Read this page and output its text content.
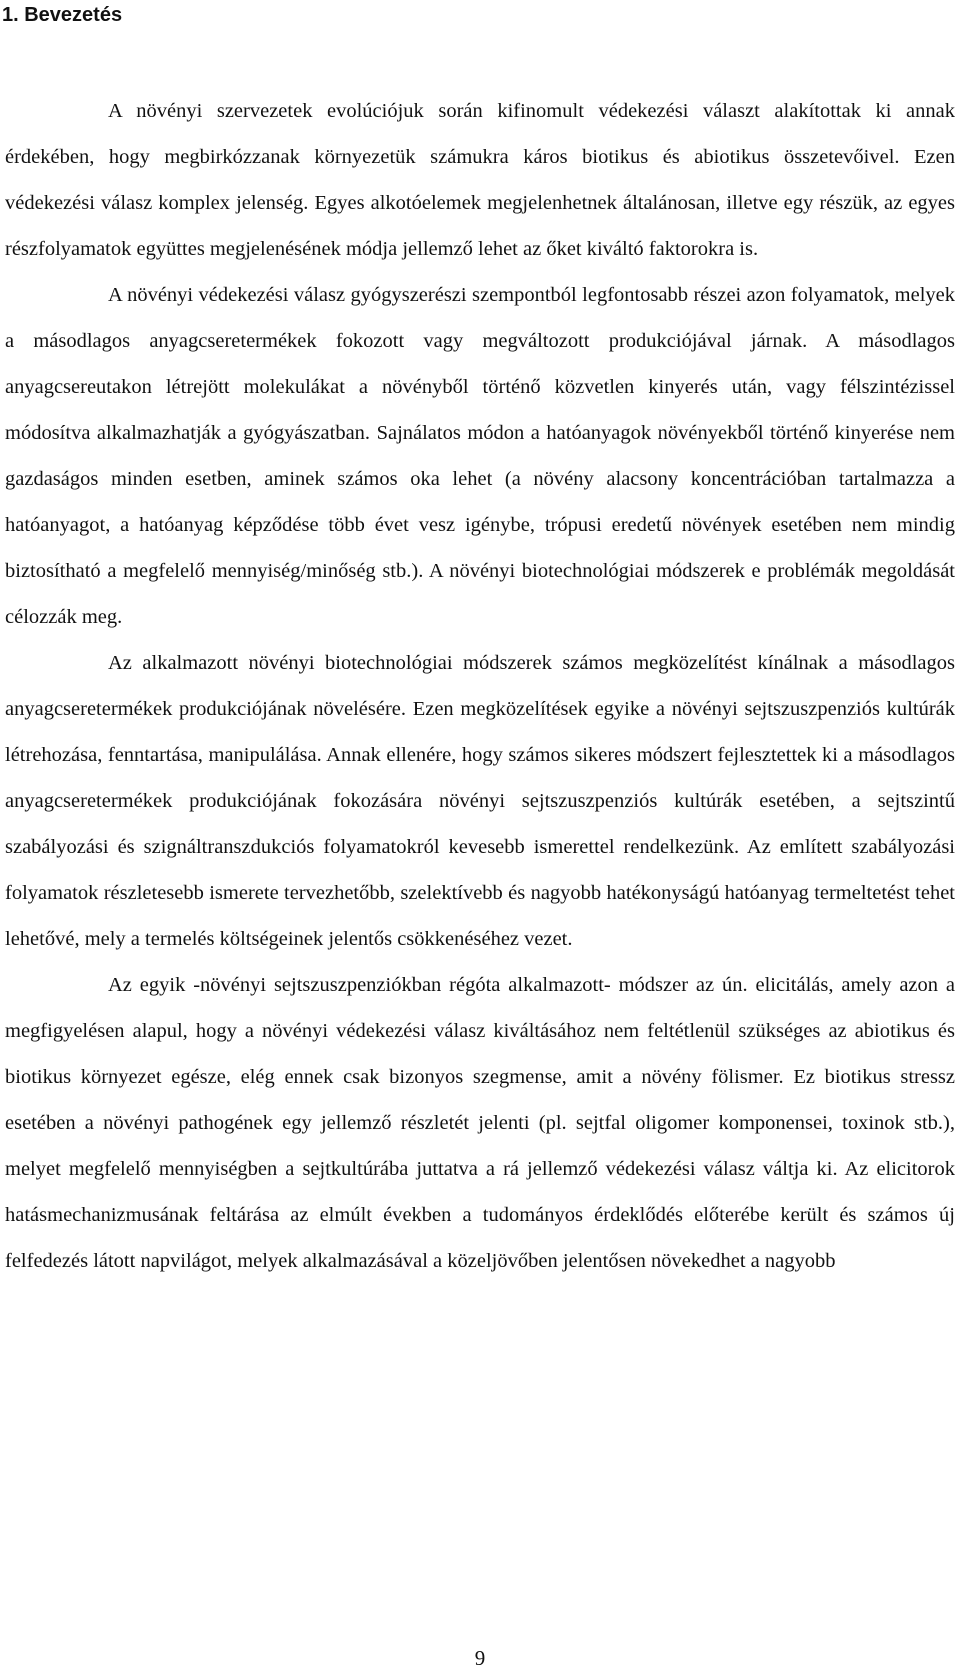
1. Bevezetés

A növényi szervezetek evolúciójuk során kifinomult védekezési választ alakítottak ki annak érdekében, hogy megbirkózzanak környezetük számukra káros biotikus és abiotikus összetevőivel. Ezen védekezési válasz komplex jelenség. Egyes alkotóelemek megjelenhetnek általánosan, illetve egy részük, az egyes részfolyamatok együttes megjelenésének módja jellemző lehet az őket kiváltó faktorokra is.

A növényi védekezési válasz gyógyszerészi szempontból legfontosabb részei azon folyamatok, melyek a másodlagos anyagcseretermékek fokozott vagy megváltozott produkciójával járnak. A másodlagos anyagcsereutakon létrejött molekulákat a növényből történő közvetlen kinyerés után, vagy félszintézissel módosítva alkalmazhatják a gyógyászatban. Sajnálatos módon a hatóanyagok növényekből történő kinyerése nem gazdaságos minden esetben, aminek számos oka lehet (a növény alacsony koncentrációban tartalmazza a hatóanyagot, a hatóanyag képződése több évet vesz igénybe, trópusi eredetű növények esetében nem mindig biztosítható a megfelelő mennyiség/minőség stb.). A növényi biotechnológiai módszerek e problémák megoldását célozzák meg.

Az alkalmazott növényi biotechnológiai módszerek számos megközelítést kínálnak a másodlagos anyagcseretermékek produkciójának növelésére. Ezen megközelítések egyike a növényi sejtszuszpenziós kultúrák létrehozása, fenntartása, manipulálása. Annak ellenére, hogy számos sikeres módszert fejlesztettek ki a másodlagos anyagcseretermékek produkciójának fokozására növényi sejtszuszpenziós kultúrák esetében, a sejtszintű szabályozási és szignáltranszdukciós folyamatokról kevesebb ismerettel rendelkezünk. Az említett szabályozási folyamatok részletesebb ismerete tervezhetőbb, szelektívebb és nagyobb hatékonyságú hatóanyag termeltetést tehet lehetővé, mely a termelés költségeinek jelentős csökkenéséhez vezet.

Az egyik -növényi sejtszuszpenziókban régóta alkalmazott- módszer az ún. elicitálás, amely azon a megfigyelésen alapul, hogy a növényi védekezési válasz kiváltásához nem feltétlenül szükséges az abiotikus és biotikus környezet egésze, elég ennek csak bizonyos szegmense, amit a növény fölismer. Ez biotikus stressz esetében a növényi pathogének egy jellemző részletét jelenti (pl. sejtfal oligomer komponensei, toxinok stb.), melyet megfelelő mennyiségben a sejtkultúrába juttatva a rá jellemző védekezési válasz váltja ki. Az elicitorok hatásmechanizmusának feltárása az elmúlt években a tudományos érdeklődés előterébe került és számos új felfedezés látott napvilágot, melyek alkalmazásával a közeljövőben jelentősen növekedhet a nagyobb

9
